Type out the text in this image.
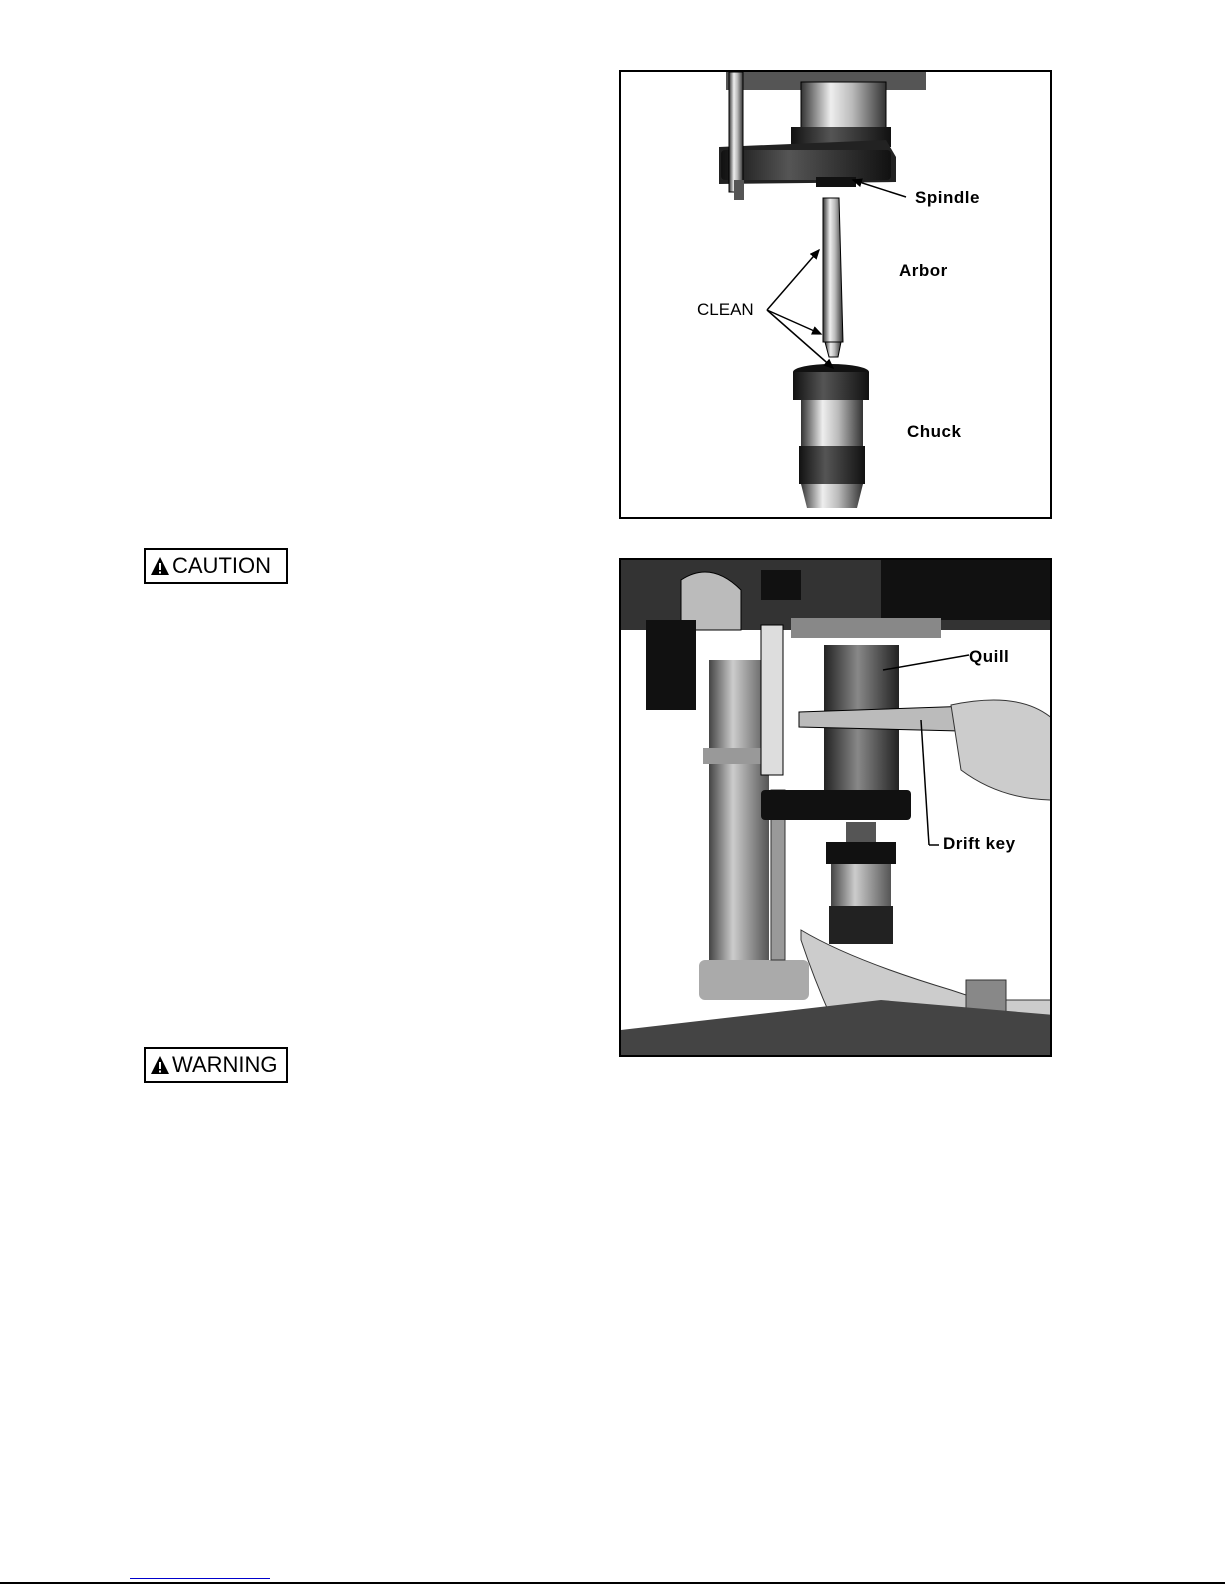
Spindle
Arbor
CLEAN
Chuck
Quill
Drift key
CAUTION
WARNING
